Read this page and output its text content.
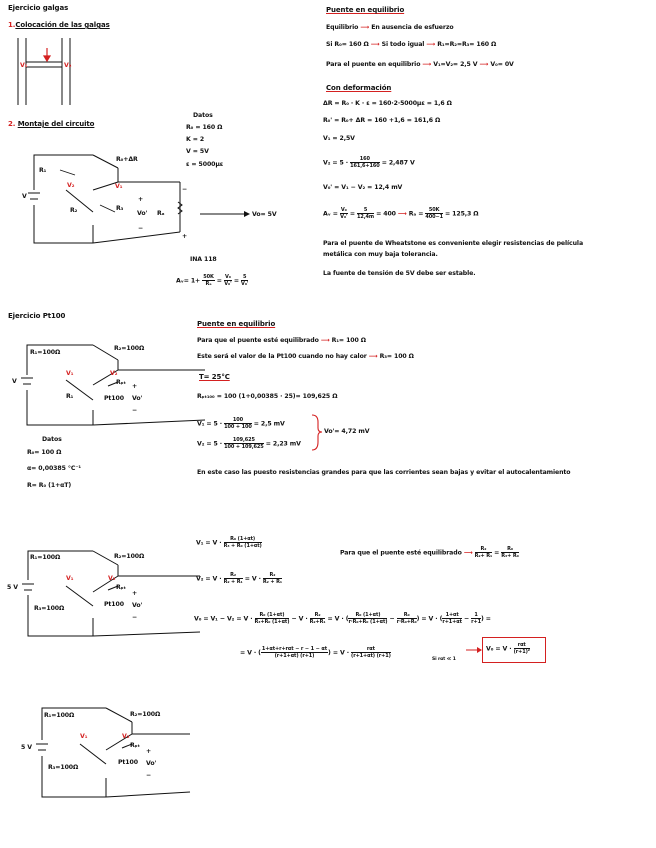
Ejercicio galgas
1.Colocación de las galgas
V₁	V₂
2. Montaje del circuito
R₁
R₀+ΔR
V₁
V₂
R₂	R₃
V	+
−
Vo' Rₐ
−
+
Vo= 5V
Datos
R₀ = 160 Ω
K = 2
V = 5V
ε = 5000με
INA 118
Aᵥ= $1+ \frac{50K}{\text{Rₐ}} = \frac{\text{V₀}}{\text{V₀'}} = \frac{5}{\text{V₀'}}$
Puente en equilibrio
Equilibrio ⟶ En ausencia de esfuerzo
Si R₀= 160 Ω ⟶ Si todo igual ⟶ R₁=R₂=R₃= 160 Ω
Para el puente en equilibrio ⟶ V₁=V₂= 2,5 V ⟶ V₀= 0V
Con deformación
ΔR = R₀ · K · ε = 160·2·5000με = 1,6 Ω
R₀' = R₀+ ΔR = 160 +1,6 = 161,6 Ω
V₁ = 2,5V
$V_2 = 5 \cdot \frac{160}{161,6+160} = 2,487$ V
V₀' = V₁ − V₂ = 12,4 mV
Aᵥ = $\frac{\text{V₀}}{\text{V₀'}} = \frac{5}{12,4m} = 400$ ⟶ $R_a = \frac{50K}{400-1} = 125,3$ Ω
Para el puente de Wheatstone es conveniente elegir resistencias de película
metálica con muy baja tolerancia.
La fuente de tensión de 5V debe ser estable.
Ejercicio Pt100
R₁=100Ω
R₂=100Ω
V₁	V₂
R₁
V	Rₚₜ
Pt100
+
Vo'
−
Datos
R₀= 100 Ω
α= 0,00385 °C⁻¹
R= R₀ (1+αT)
Puente en equilibrio
Para que el puente esté equilibrado ⟶ R₁= 100 Ω
Este será el valor de la Pt100 cuando no hay calor ⟶ R₃= 100 Ω
T= 25°C
Rₚₜ₁₀₀ = 100 (1+0,00385 · 25)= 109,625 Ω
$V_1 = 5 \cdot \frac{100}{100 + 100} = 2,5$ mV
$V_2 = 5 \cdot \frac{109,625}{100 + 109,625} = 2,23$ mV
Vo'= 4,72 mV
En este caso las puesto resistencias grandes para que las corrientes sean bajas y evitar el autocalentamiento
R₁=100Ω	R₂=100Ω
V₁	V₂
R₃=100Ω
5 V	Rₚₜ
Pt100
+
Vo'
−
$V_1 = V \cdot \frac{\text{R₀ (1+αt)}}{\text{R₃ + R₀ (1+αt)}}$
$V_2 = V \cdot \frac{\text{R₂}}{\text{R₂ + R₁}} = V \cdot \frac{\text{R₂}}{\text{R₂ + R₁}}$
Para que el puente esté equilibrado ⟶ $\frac{\text{R₂}}{\text{R₂+ R₁}} = \frac{\text{R₀}}{\text{R₃+ R₀}}$
$V_0 = V_1 - V_2 = V \cdot \frac{\text{R₀ (1+αt)}}{\text{R₃+R₀ (1+αt)}} - V \cdot \frac{\text{R₂}}{\text{R₂+R₁}} = V$ · ( $\frac{\text{R₀ (1+αt)}}{\text{r·R₀+R₀ (1+αt)}} - \frac{\text{R₀}}{\text{r·R₀+R₀}}) = V$ · ( $\frac{1+\alpha t}{r+1+\alpha t} - \frac{1}{r+1}$) =
= V · ( $\frac{\text{1+αt+r+rαt − r − 1 − αt}}{(r+1+\alpha t) (r+1)}) = V \cdot \frac{\text{rαt}}{(r+1+\alpha t) (r+1)}$
Si rαt ≪ 1
$V_0 = V \cdot \frac{\text{rαt}}{\text{(r+1)²}}$
R₁=100Ω	R₂=100Ω
V₁	V₂
R₃=100Ω
5 V	Rₚₜ
Pt100
+
Vo'
−
